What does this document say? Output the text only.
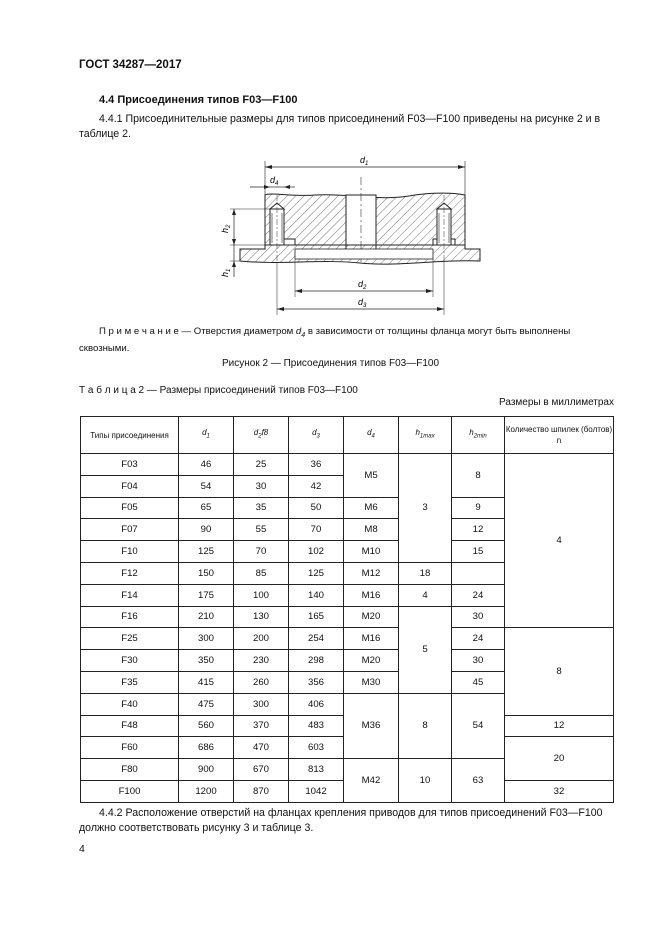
ГОСТ 34287—2017
4.4 Присоединения типов F03—F100

4.4.1 Присоединительные размеры для типов присоединений F03—F100 приведены на рисунке 2 и в таблице 2.

$d_1$
$d_4$
$h_2$
$h_1$
$d_2$
$d_3$

П р и м е ч а н и е — Отверстия диаметром $d_4$ в зависимости от толщины фланца могут быть выполнены сквозными.

Рисунок 2 — Присоединения типов F03—F100
Т а б л и ц а 2 — Размеры присоединений типов F03—F100
Размеры в миллиметрах
Типы присоединения	$d_1$	$d_2f8$	$d_3$	$d_4$	$h_{1max}$	$h_{2min}$	Количество шпилек (болтов) n
F03	46	25	36	M5	3	8	4
F04	54	30	42				
F05	65	35	50	M6		9	
F07	90	55	70	M8		12	
F10	125	70	102	M10		15	
F12	150	85	125	M12	18		
F14	175	100	140	M16	4	24	
F16	210	130	165	M20	5	30	
F25	300	200	254	M16		24	8
F30	350	230	298	M20		30	
F35	415	260	356	M30		45	
F40	475	300	406	M36	8	54	
F48	560	370	483				12
F60	686	470	603				20
F80	900	670	813	M42	10	63	
F100	1200	870	1042				32

4.4.2 Расположение отверстий на фланцах крепления приводов для типов присоединений F03—F100 должно соответствовать рисунку 3 и таблице 3.

4
